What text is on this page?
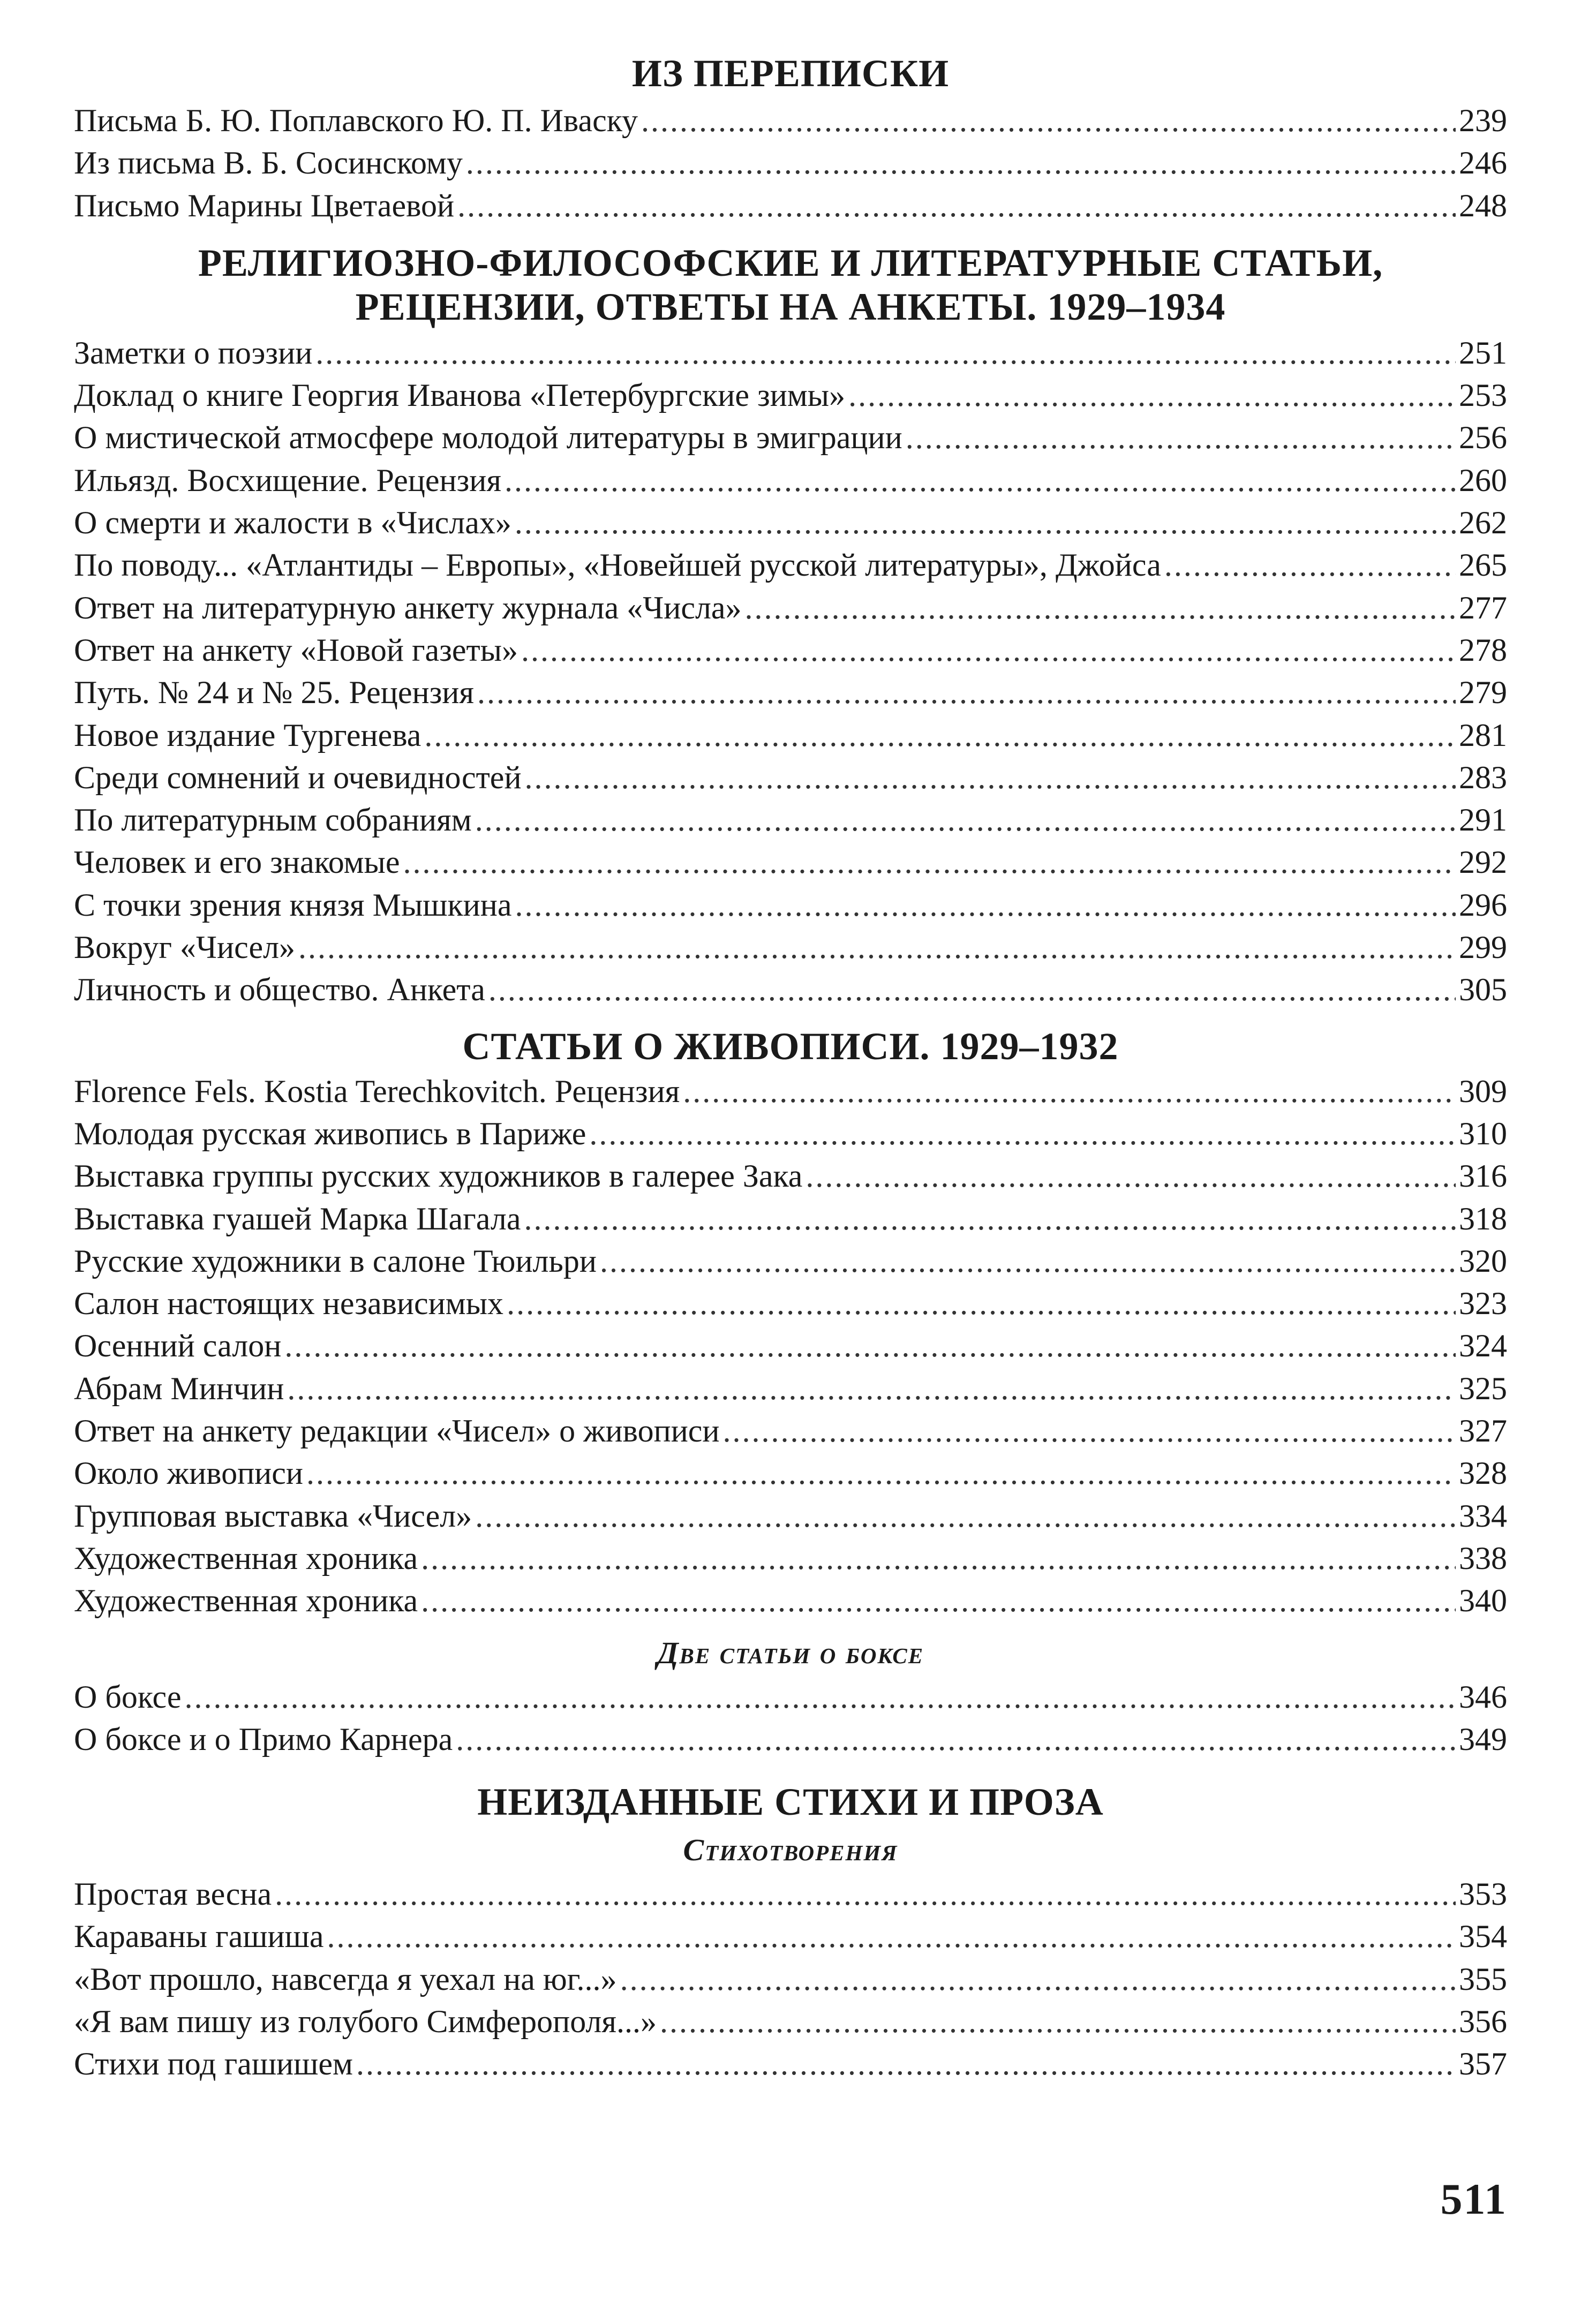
ИЗ ПЕРЕПИСКИ
Письма Б. Ю. Поплавского Ю. П. Иваску .....	239
Из письма В. Б. Сосинскому .....	246
Письмо Марины Цветаевой .....	248
РЕЛИГИОЗНО-ФИЛОСОФСКИЕ И ЛИТЕРАТУРНЫЕ СТАТЬИ,
РЕЦЕНЗИИ, ОТВЕТЫ НА АНКЕТЫ. 1929–1934
Заметки о поэзии .....	251
Доклад о книге Георгия Иванова «Петербургские зимы» .....	253
О мистической атмосфере молодой литературы в эмиграции .....	256
Ильязд. Восхищение. Рецензия .....	260
О смерти и жалости в «Числах» .....	262
По поводу... «Атлантиды – Европы», «Новейшей русской литературы», Джойса .....	265
Ответ на литературную анкету журнала «Числа» .....	277
Ответ на анкету «Новой газеты» .....	278
Путь. № 24 и № 25. Рецензия .....	279
Новое издание Тургенева .....	281
Среди сомнений и очевидностей .....	283
По литературным собраниям .....	291
Человек и его знакомые .....	292
С точки зрения князя Мышкина .....	296
Вокруг «Чисел» .....	299
Личность и общество. Анкета .....	305
СТАТЬИ О ЖИВОПИСИ. 1929–1932
Florence Fels. Kostia Terechkovitch. Рецензия .....	309
Молодая русская живопись в Париже .....	310
Выставка группы русских художников в галерее Зака .....	316
Выставка гуашей Марка Шагала .....	318
Русские художники в салоне Тюильри .....	320
Салон настоящих независимых .....	323
Осенний салон .....	324
Абрам Минчин .....	325
Ответ на анкету редакции «Чисел» о живописи .....	327
Около живописи .....	328
Групповая выставка «Чисел» .....	334
Художественная хроника .....	338
Художественная хроника .....	340
Две статьи о боксе
О боксе .....	346
О боксе и о Примо Карнера .....	349
НЕИЗДАННЫЕ СТИХИ И ПРОЗА
Стихотворения
Простая весна .....	353
Караваны гашиша .....	354
«Вот прошло, навсегда я уехал на юг...» .....	355
«Я вам пишу из голубого Симферополя...» .....	356
Стихи под гашишем .....	357
511
